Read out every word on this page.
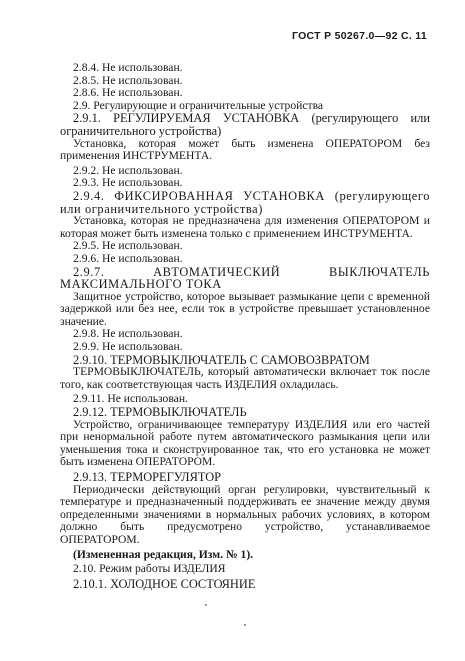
ГОСТ Р 50267.0—92 С. 11

2.8.4. Не использован.

2.8.5. Не использован.

2.8.6. Не использован.

2.9. Регулирующие и ограничительные устройства

2.9.1. РЕГУЛИРУЕМАЯ УСТАНОВКА (регулирующего или ограничительного устройства)

Установка, которая может быть изменена ОПЕРАТОРОМ без применения ИНСТРУМЕНТА.

2.9.2. Не использован.

2.9.3. Не использован.

2.9.4. ФИКСИРОВАННАЯ УСТАНОВКА (регулирующего или ограничительного устройства)

Установка, которая не предназначена для изменения ОПЕРАТОРОМ и которая может быть изменена только с применением ИНСТРУМЕНТА.

2.9.5. Не использован.

2.9.6. Не использован.

2.9.7. АВТОМАТИЧЕСКИЙ ВЫКЛЮЧАТЕЛЬ МАКСИМАЛЬНОГО ТОКА

Защитное устройство, которое вызывает размыкание цепи с временной задержкой или без нее, если ток в устройстве превышает установленное значение.

2.9.8. Не использован.

2.9.9. Не использован.

2.9.10. ТЕРМОВЫКЛЮЧАТЕЛЬ С САМОВОЗВРАТОМ

ТЕРМОВЫКЛЮЧАТЕЛЬ, который автоматически включает ток после того, как соответствующая часть ИЗДЕЛИЯ охладилась.

2.9.11. Не использован.

2.9.12. ТЕРМОВЫКЛЮЧАТЕЛЬ

Устройство, ограничивающее температуру ИЗДЕЛИЯ или его частей при ненормальной работе путем автоматического размыкания цепи или уменьшения тока и сконструированное так, что его установка не может быть изменена ОПЕРАТОРОМ.

2.9.13. ТЕРМОРЕГУЛЯТОР

Периодически действующий орган регулировки, чувствительный к температуре и предназначенный поддерживать ее значение между двумя определенными значениями в нормальных рабочих условиях, в котором должно быть предусмотрено устройство, устанавливаемое ОПЕРАТОРОМ.

(Измененная редакция, Изм. № 1).

2.10. Режим работы ИЗДЕЛИЯ

2.10.1. ХОЛОДНОЕ СОСТОЯНИЕ
